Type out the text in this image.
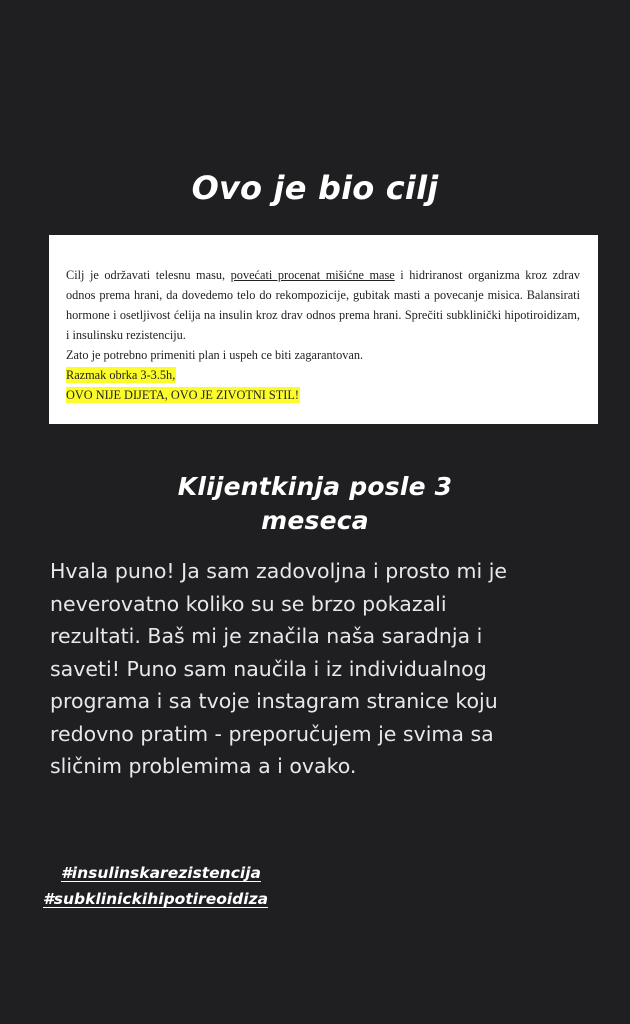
Ovo je bio cilj

Cilj je održavati telesnu masu, povećati procenat mišićne mase i hidriranost organizma kroz zdrav odnos prema hrani, da dovedemo telo do rekompozicije, gubitak masti a povecanje misica. Balansirati hormone i osetljivost ćelija na insulin kroz drav odnos prema hrani. Sprečiti subklinički hipotiroidizam, i insulinsku rezistenciju.

Zato je potrebno primeniti plan i uspeh ce biti zagarantovan.

Razmak obrka 3-3.5h,

OVO NIJE DIJETA, OVO JE ZIVOTNI STIL!

Klijentkinja posle 3
meseca
Hvala puno! Ja sam zadovoljna i prosto mi je
neverovatno koliko su se brzo pokazali
rezultati. Baš mi je značila naša saradnja i
saveti! Puno sam naučila i iz individualnog
programa i sa tvoje instagram stranice koju
redovno pratim - preporučujem je svima sa
sličnim problemima a i ovako.
#insulinskarezistencija
#subklinickihipotireoidiza
